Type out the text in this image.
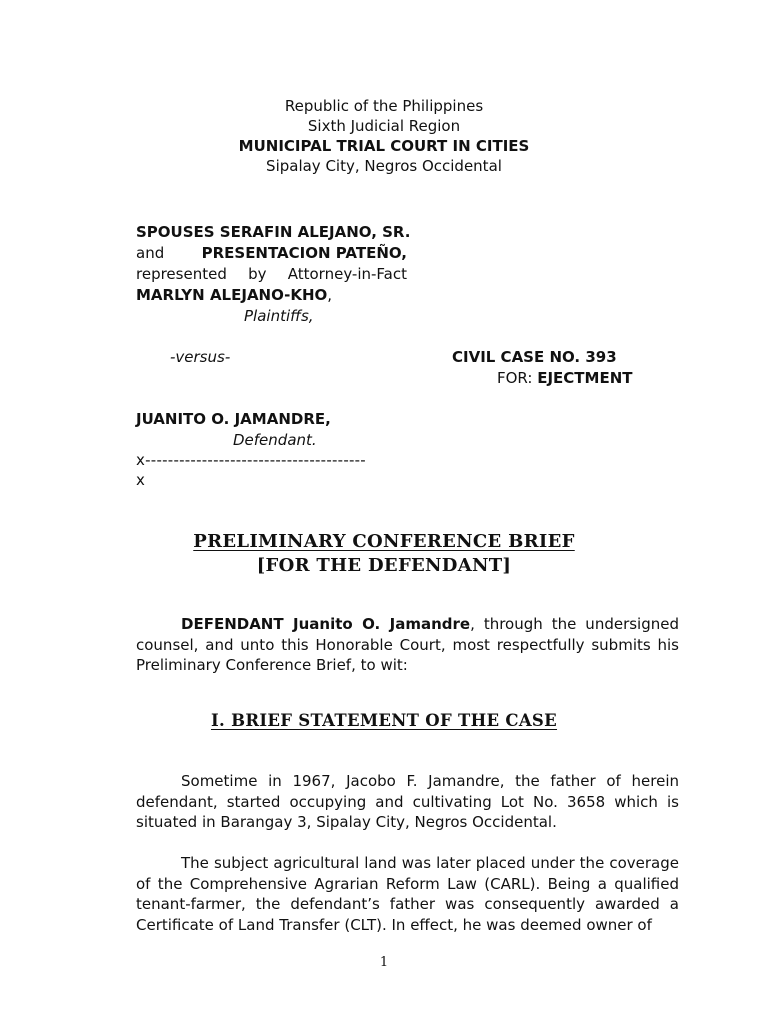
Republic of the Philippines
Sixth Judicial Region
MUNICIPAL TRIAL COURT IN CITIES
Sipalay City, Negros Occidental
SPOUSES SERAFIN ALEJANO, SR.
and PRESENTACION PATEÑO,
represented by Attorney-in-Fact
MARLYN ALEJANO-KHO,
Plaintiffs,
-versus-	CIVIL CASE NO. 393
FOR: EJECTMENT
JUANITO O. JAMANDRE,
Defendant.
x---------------------------------------
x
PRELIMINARY CONFERENCE BRIEF
[FOR THE DEFENDANT]

DEFENDANT Juanito O. Jamandre, through the undersigned counsel, and unto this Honorable Court, most respectfully submits his Preliminary Conference Brief, to wit:

I. BRIEF STATEMENT OF THE CASE

Sometime in 1967, Jacobo F. Jamandre, the father of herein defendant, started occupying and cultivating Lot No. 3658 which is situated in Barangay 3, Sipalay City, Negros Occidental.

The subject agricultural land was later placed under the coverage of the Comprehensive Agrarian Reform Law (CARL). Being a qualified tenant-farmer, the defendant’s father was consequently awarded a Certificate of Land Transfer (CLT). In effect, he was deemed owner of

1
